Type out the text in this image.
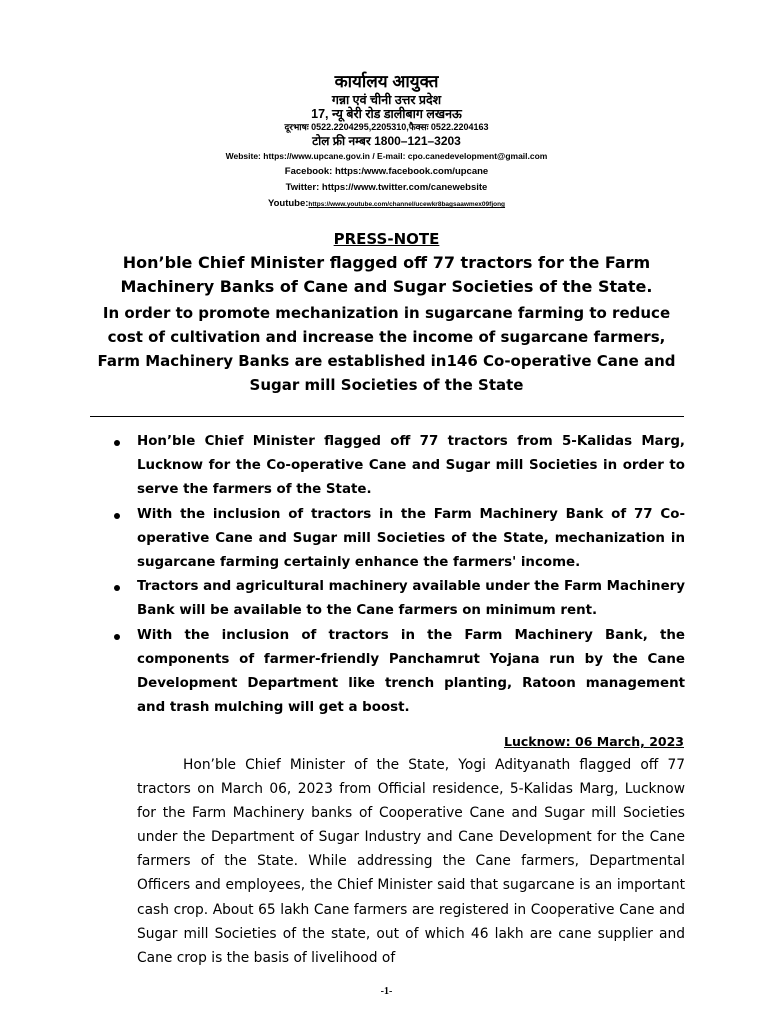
कार्यालय आयुक्त
गन्ना एवं चीनी उत्तर प्रदेश
17, न्यू बेरी रोड डालीबाग लखनऊ
दूरभाषः 0522.2204295,2205310,फैक्सः 0522.2204163
टोल फ्री नम्बर 1800–121–3203
Website: https://www.upcane.gov.in / E-mail: cpo.canedevelopment@gmail.com
Facebook: https:/www.facebook.com/upcane
Twitter: https://www.twitter.com/canewebsite
Youtube:https://www.youtube.com/channel/ucewkr8bagsaawmex09fjong
PRESS-NOTE
Hon’ble Chief Minister flagged off 77 tractors for the Farm Machinery Banks of Cane and Sugar Societies of the State.
In order to promote mechanization in sugarcane farming to reduce cost of cultivation and increase the income of sugarcane farmers, Farm Machinery Banks are established in146 Co-operative Cane and Sugar mill Societies of the State
Hon’ble Chief Minister flagged off 77 tractors from 5-Kalidas Marg, Lucknow for the Co-operative Cane and Sugar mill Societies in order to serve the farmers of the State.
With the inclusion of tractors in the Farm Machinery Bank of 77 Co-operative Cane and Sugar mill Societies of the State, mechanization in sugarcane farming certainly enhance the farmers' income.
Tractors and agricultural machinery available under the Farm Machinery Bank will be available to the Cane farmers on minimum rent.
With the inclusion of tractors in the Farm Machinery Bank, the components of farmer-friendly Panchamrut Yojana run by the Cane Development Department like trench planting, Ratoon management and trash mulching will get a boost.
Lucknow: 06 March, 2023

Hon’ble Chief Minister of the State, Yogi Adityanath flagged off 77 tractors on March 06, 2023 from Official residence, 5-Kalidas Marg, Lucknow for the Farm Machinery banks of Cooperative Cane and Sugar mill Societies under the Department of Sugar Industry and Cane Development for the Cane farmers of the State. While addressing the Cane farmers, Departmental Officers and employees, the Chief Minister said that sugarcane is an important cash crop. About 65 lakh Cane farmers are registered in Cooperative Cane and Sugar mill Societies of the state, out of which 46 lakh are cane supplier and Cane crop is the basis of livelihood of

-1-
